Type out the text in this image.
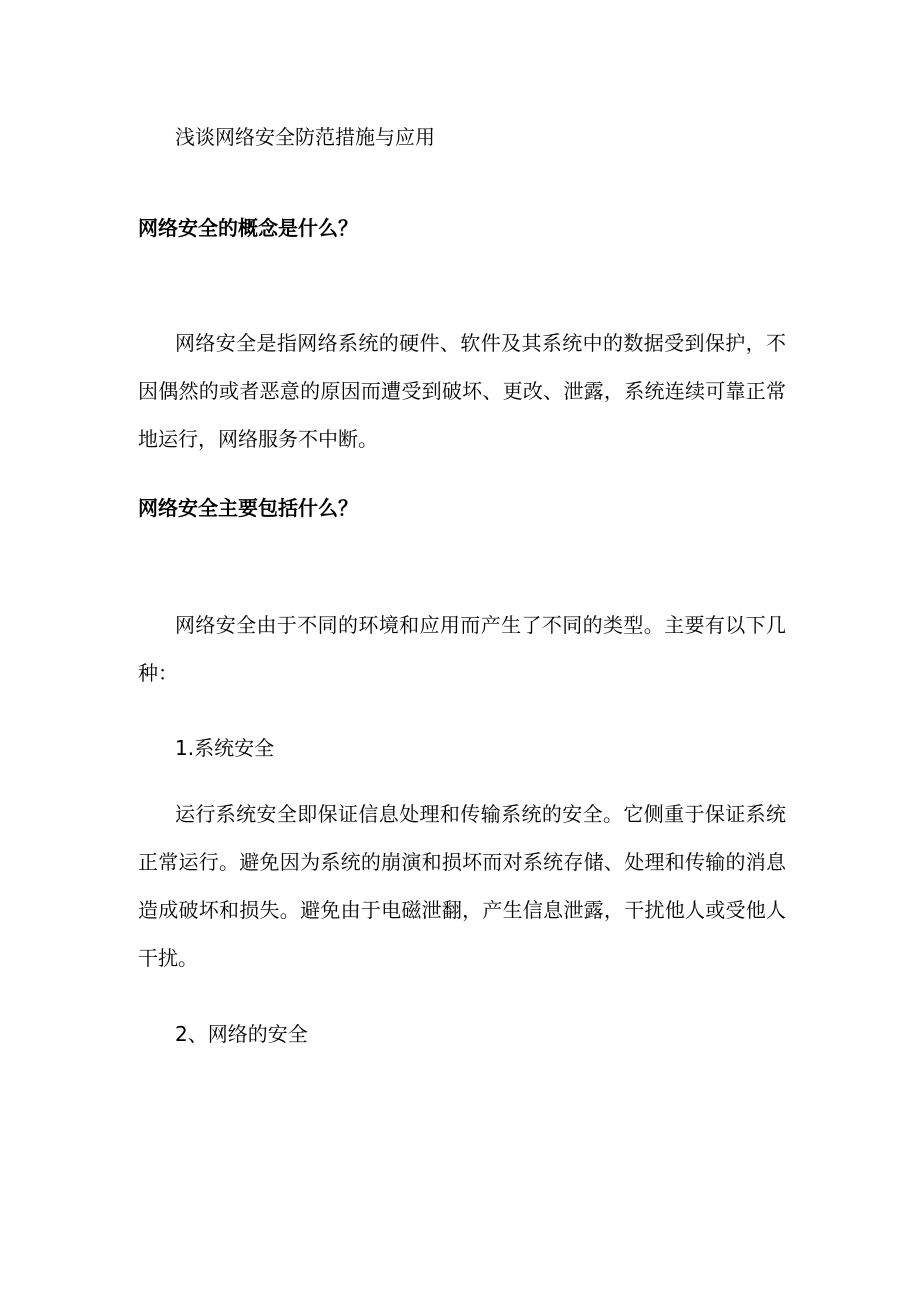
浅谈网络安全防范措施与应用
网络安全的概念是什么？
网络安全是指网络系统的硬件、软件及其系统中的数据受到保护，不因偶然的或者恶意的原因而遭受到破坏、更改、泄露，系统连续可靠正常地运行，网络服务不中断。
网络安全主要包括什么？
网络安全由于不同的环境和应用而产生了不同的类型。主要有以下几种：
1.系统安全
运行系统安全即保证信息处理和传输系统的安全。它侧重于保证系统正常运行。避免因为系统的崩演和损坏而对系统存储、处理和传输的消息造成破坏和损失。避免由于电磁泄翻，产生信息泄露，干扰他人或受他人干扰。
2、网络的安全
